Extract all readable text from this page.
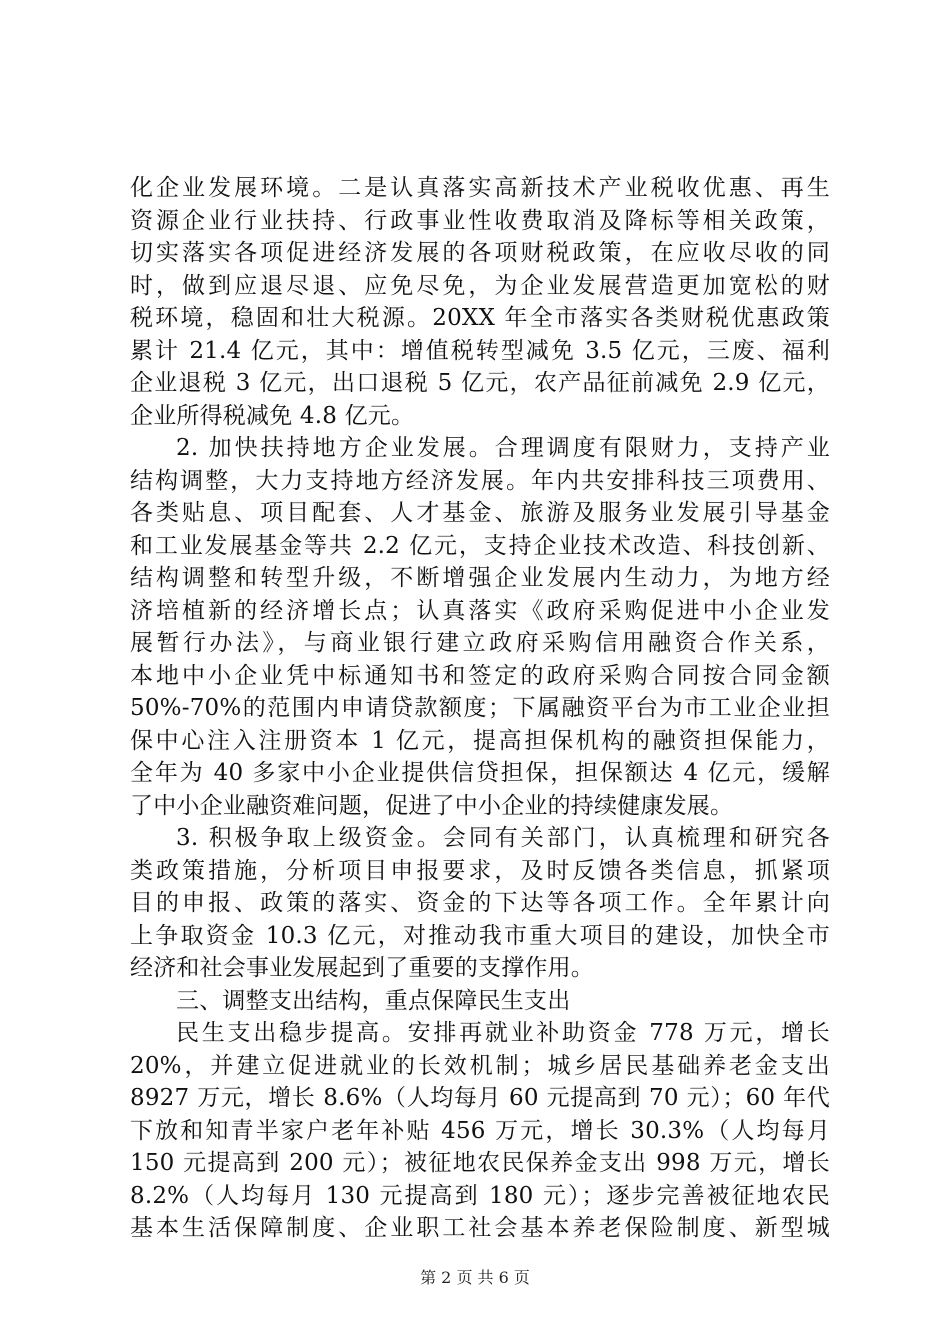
化企业发展环境。二是认真落实高新技术产业税收优惠、再生
资源企业行业扶持、行政事业性收费取消及降标等相关政策，
切实落实各项促进经济发展的各项财税政策，在应收尽收的同
时，做到应退尽退、应免尽免，为企业发展营造更加宽松的财
税环境，稳固和壮大税源。20XX 年全市落实各类财税优惠政策
累计 21.4 亿元，其中：增值税转型减免 3.5 亿元，三废、福利
企业退税 3 亿元，出口退税 5 亿元，农产品征前减免 2.9 亿元，
企业所得税减免 4.8 亿元。
2. 加快扶持地方企业发展。合理调度有限财力，支持产业
结构调整，大力支持地方经济发展。年内共安排科技三项费用、
各类贴息、项目配套、人才基金、旅游及服务业发展引导基金
和工业发展基金等共 2.2 亿元，支持企业技术改造、科技创新、
结构调整和转型升级，不断增强企业发展内生动力，为地方经
济培植新的经济增长点；认真落实《政府采购促进中小企业发
展暂行办法》，与商业银行建立政府采购信用融资合作关系，
本地中小企业凭中标通知书和签定的政府采购合同按合同金额
50%-70%的范围内申请贷款额度；下属融资平台为市工业企业担
保中心注入注册资本 1 亿元，提高担保机构的融资担保能力，
全年为 40 多家中小企业提供信贷担保，担保额达 4 亿元，缓解
了中小企业融资难问题，促进了中小企业的持续健康发展。
3. 积极争取上级资金。会同有关部门，认真梳理和研究各
类政策措施，分析项目申报要求，及时反馈各类信息，抓紧项
目的申报、政策的落实、资金的下达等各项工作。全年累计向
上争取资金 10.3 亿元，对推动我市重大项目的建设，加快全市
经济和社会事业发展起到了重要的支撑作用。
三、调整支出结构，重点保障民生支出
民生支出稳步提高。安排再就业补助资金 778 万元，增长
20%，并建立促进就业的长效机制；城乡居民基础养老金支出
8927 万元，增长 8.6%（人均每月 60 元提高到 70 元）；60 年代
下放和知青半家户老年补贴 456 万元，增长 30.3%（人均每月
150 元提高到 200 元）；被征地农民保养金支出 998 万元，增长
8.2%（人均每月 130 元提高到 180 元）；逐步完善被征地农民
基本生活保障制度、企业职工社会基本养老保险制度、新型城
第 2 页 共 6 页
